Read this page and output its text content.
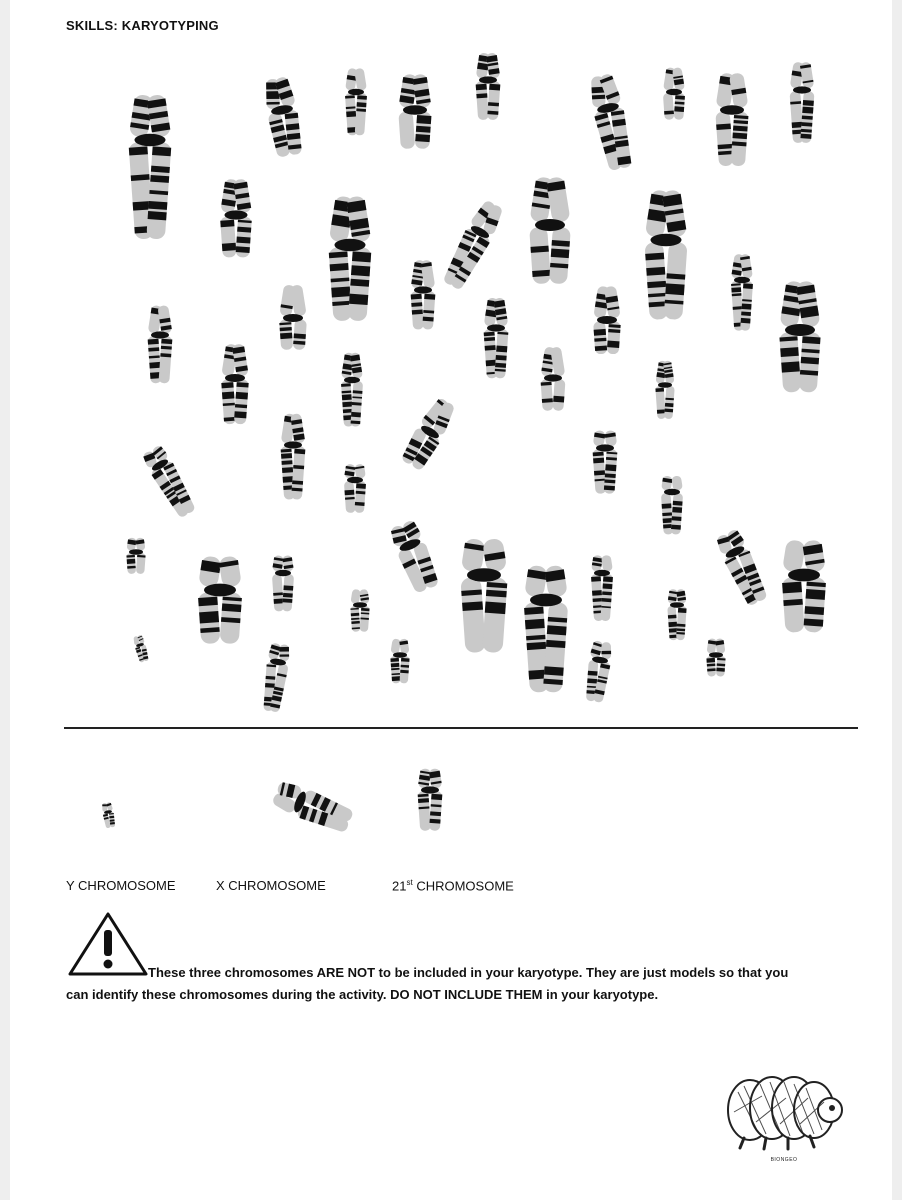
SKILLS: KARYOTYPING
Y CHROMOSOME	X CHROMOSOME	21st CHROMOSOME
These three chromosomes ARE NOT to be included in your karyotype. They are just models so that you
can identify these chromosomes during the activity. DO NOT INCLUDE THEM in your karyotype.
BIONGEO
